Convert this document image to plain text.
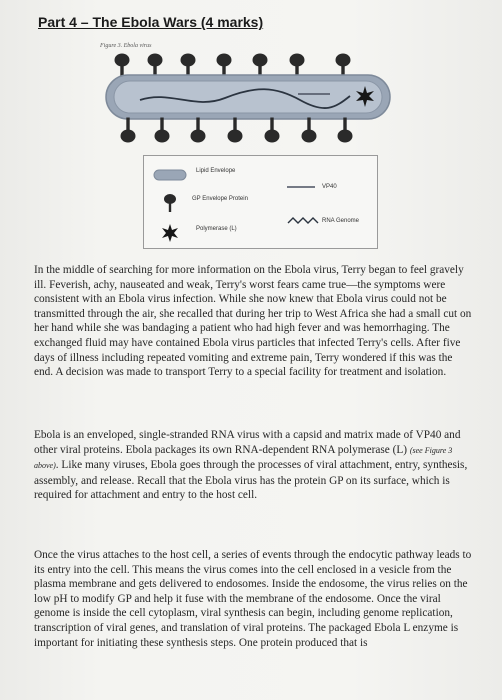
Part 4 – The Ebola Wars (4 marks)
Figure 3. Ebola virus
Lipid Envelope
GP Envelope Protein
Polymerase (L)
VP40
RNA Genome

In the middle of searching for more information on the Ebola virus, Terry began to feel gravely ill. Feverish, achy, nauseated and weak, Terry's worst fears came true—the symptoms were consistent with an Ebola virus infection. While she now knew that Ebola virus could not be transmitted through the air, she recalled that during her trip to West Africa she had a small cut on her hand while she was bandaging a patient who had high fever and was hemorrhaging. The exchanged fluid may have contained Ebola virus particles that infected Terry's cells. After five days of illness including repeated vomiting and extreme pain, Terry wondered if this was the end. A decision was made to transport Terry to a special facility for treatment and isolation.

Ebola is an enveloped, single-stranded RNA virus with a capsid and matrix made of VP40 and other viral proteins. Ebola packages its own RNA-dependent RNA polymerase (L) (see Figure 3 above). Like many viruses, Ebola goes through the processes of viral attachment, entry, synthesis, assembly, and release. Recall that the Ebola virus has the protein GP on its surface, which is required for attachment and entry to the host cell.

Once the virus attaches to the host cell, a series of events through the endocytic pathway leads to its entry into the cell. This means the virus comes into the cell enclosed in a vesicle from the plasma membrane and gets delivered to endosomes. Inside the endosome, the virus relies on the low pH to modify GP and help it fuse with the membrane of the endosome. Once the viral genome is inside the cell cytoplasm, viral synthesis can begin, including genome replication, transcription of viral genes, and translation of viral proteins. The packaged Ebola L enzyme is important for initiating these synthesis steps. One protein produced that is
